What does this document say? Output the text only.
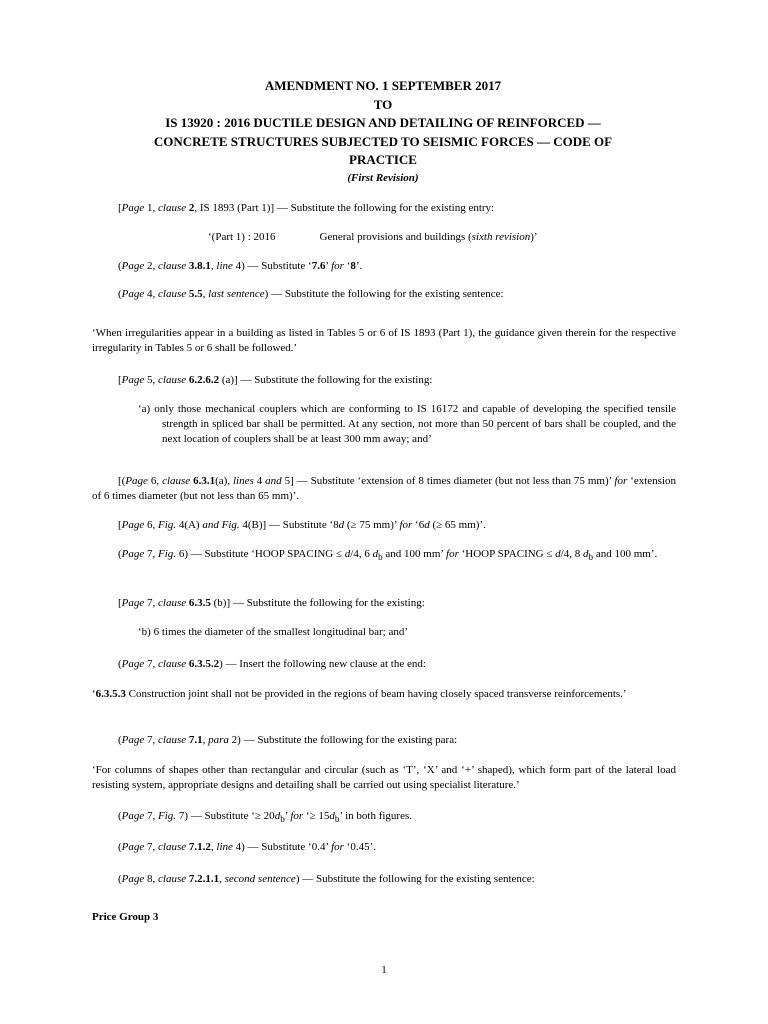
AMENDMENT NO. 1 SEPTEMBER 2017
TO
IS 13920 : 2016 DUCTILE DESIGN AND DETAILING OF REINFORCED —
CONCRETE STRUCTURES SUBJECTED TO SEISMIC FORCES — CODE OF
PRACTICE
(First Revision)
[Page 1, clause 2, IS 1893 (Part 1)] — Substitute the following for the existing entry:
‘(Part 1) : 2016	General provisions and buildings (sixth revision)’
(Page 2, clause 3.8.1, line 4) — Substitute ‘7.6’ for ‘8’.
(Page 4, clause 5.5, last sentence) — Substitute the following for the existing sentence:
‘When irregularities appear in a building as listed in Tables 5 or 6 of IS 1893 (Part 1), the guidance given therein for the respective irregularity in Tables 5 or 6 shall be followed.’
[Page 5, clause 6.2.6.2 (a)] — Substitute the following for the existing:
‘a) only those mechanical couplers which are conforming to IS 16172 and capable of developing the specified tensile strength in spliced bar shall be permitted. At any section, not more than 50 percent of bars shall be coupled, and the next location of couplers shall be at least 300 mm away; and’
[(Page 6, clause 6.3.1(a), lines 4 and 5] — Substitute ‘extension of 8 times diameter (but not less than 75 mm)’ for ‘extension of 6 times diameter (but not less than 65 mm)’.
[Page 6, Fig. 4(A) and Fig. 4(B)] — Substitute ‘8d (≥ 75 mm)’ for ‘6d (≥ 65 mm)’.
(Page 7, Fig. 6) — Substitute ‘HOOP SPACING ≤ d/4, 6 $d_b$ and 100 mm’ for ‘HOOP SPACING ≤ d/4, 8 $d_b$ and 100 mm’.
[Page 7, clause 6.3.5 (b)] — Substitute the following for the existing:
‘b) 6 times the diameter of the smallest longitudinal bar; and’
(Page 7, clause 6.3.5.2) — Insert the following new clause at the end:
‘6.3.5.3 Construction joint shall not be provided in the regions of beam having closely spaced transverse reinforcements.’
(Page 7, clause 7.1, para 2) — Substitute the following for the existing para:
‘For columns of shapes other than rectangular and circular (such as ‘T’, ‘X’ and ‘+’ shaped), which form part of the lateral load resisting system, appropriate designs and detailing shall be carried out using specialist literature.’
(Page 7, Fig. 7) — Substitute ‘≥ $20d_b$’ for ‘≥ $15d_b$’ in both figures.
(Page 7, clause 7.1.2, line 4) — Substitute ‘0.4’ for ‘0.45’.
(Page 8, clause 7.2.1.1, second sentence) — Substitute the following for the existing sentence:
Price Group 3
1
